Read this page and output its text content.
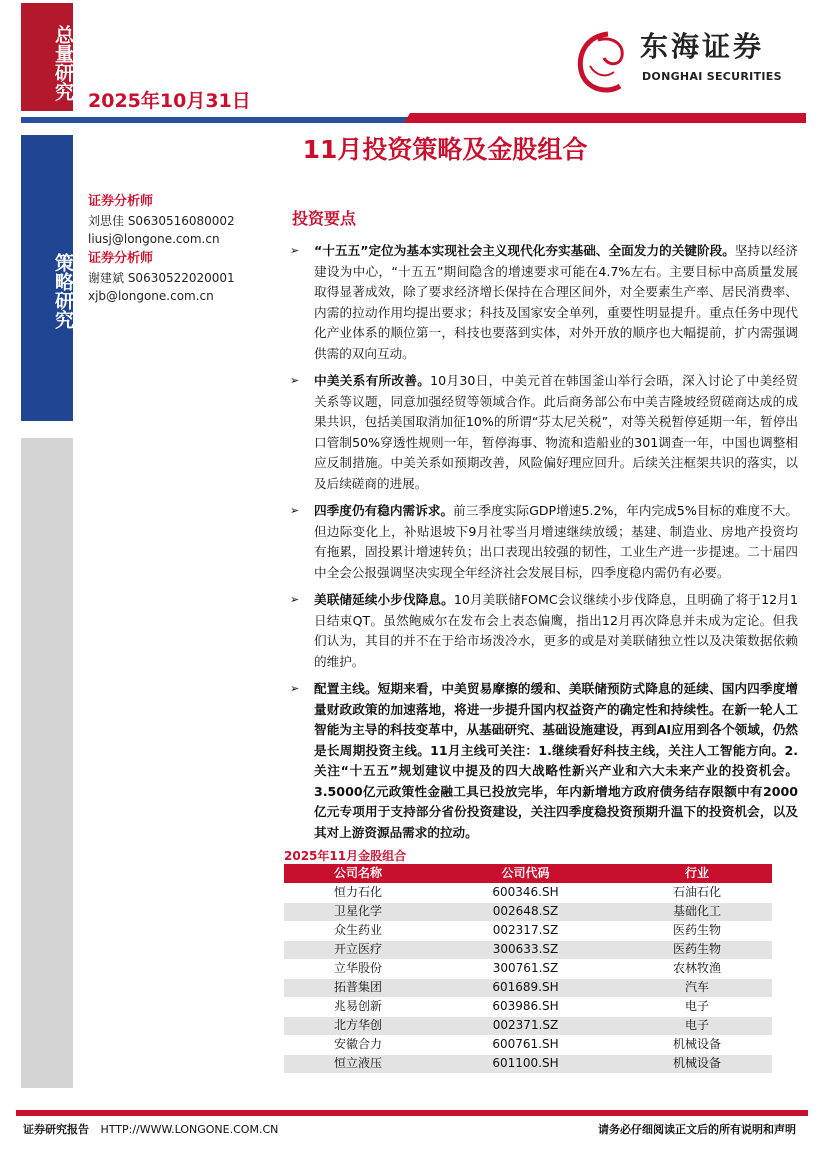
总量研究 2025年10月31日
东海证券
DONGHAI SECURITIES
策略研究
11月投资策略及金股组合
证券分析师
刘思佳 S0630516080002
liusj@longone.com.cn
证券分析师
谢建斌 S0630522020001
xjb@longone.com.cn
投资要点
➢ “十五五”定位为基本实现社会主义现代化夯实基础、全面发力的关键阶段。坚持以经济建设为中心，“十五五”期间隐含的增速要求可能在4.7%左右。主要目标中高质量发展取得显著成效，除了要求经济增长保持在合理区间外，对全要素生产率、居民消费率、内需的拉动作用均提出要求；科技及国家安全单列，重要性明显提升。重点任务中现代化产业体系的顺位第一，科技也要落到实体，对外开放的顺序也大幅提前，扩内需强调供需的双向互动。
➢ 中美关系有所改善。10月30日，中美元首在韩国釜山举行会晤，深入讨论了中美经贸关系等议题，同意加强经贸等领域合作。此后商务部公布中美吉隆坡经贸磋商达成的成果共识，包括美国取消加征10%的所谓“芬太尼关税”，对等关税暂停延期一年，暂停出口管制50%穿透性规则一年，暂停海事、物流和造船业的301调查一年，中国也调整相应反制措施。中美关系如预期改善，风险偏好理应回升。后续关注框架共识的落实，以及后续磋商的进展。
➢ 四季度仍有稳内需诉求。前三季度实际GDP增速5.2%，年内完成5%目标的难度不大。但边际变化上，补贴退坡下9月社零当月增速继续放缓；基建、制造业、房地产投资均有拖累，固投累计增速转负；出口表现出较强的韧性，工业生产进一步提速。二十届四中全会公报强调坚决实现全年经济社会发展目标，四季度稳内需仍有必要。
➢ 美联储延续小步伐降息。10月美联储FOMC会议继续小步伐降息，且明确了将于12月1日结束QT。虽然鲍威尔在发布会上表态偏鹰，指出12月再次降息并未成为定论。但我们认为，其目的并不在于给市场泼冷水，更多的或是对美联储独立性以及决策数据依赖的维护。
➢ 配置主线。短期来看，中美贸易摩擦的缓和、美联储预防式降息的延续、国内四季度增量财政政策的加速落地，将进一步提升国内权益资产的确定性和持续性。在新一轮人工智能为主导的科技变革中，从基础研究、基础设施建设，再到AI应用到各个领域，仍然是长周期投资主线。11月主线可关注：1.继续看好科技主线，关注人工智能方向。2.关注“十五五”规划建议中提及的四大战略性新兴产业和六大未来产业的投资机会。3.5000亿元政策性金融工具已投放完毕，年内新增地方政府债务结存限额中有2000亿元专项用于支持部分省份投资建设，关注四季度稳投资预期升温下的投资机会，以及其对上游资源品需求的拉动。
2025年11月金股组合
公司名称	公司代码	行业
恒力石化	600346.SH	石油石化
卫星化学	002648.SZ	基础化工
众生药业	002317.SZ	医药生物
开立医疗	300633.SZ	医药生物
立华股份	300761.SZ	农林牧渔
拓普集团	601689.SH	汽车
兆易创新	603986.SH	电子
北方华创	002371.SZ	电子
安徽合力	600761.SH	机械设备
恒立液压	601100.SH	机械设备
证券研究报告 HTTP://WWW.LONGONE.COM.CN	请务必仔细阅读正文后的所有说明和声明
